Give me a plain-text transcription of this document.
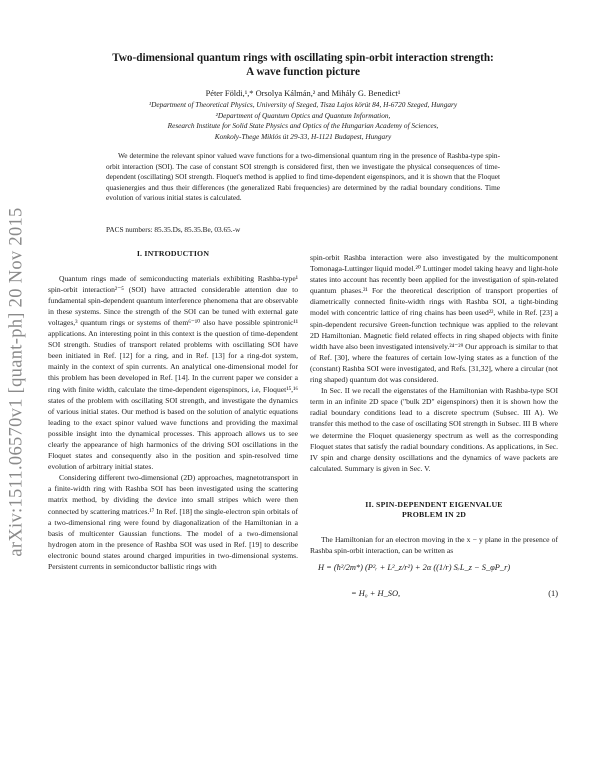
arXiv:1511.06570v1 [quant-ph] 20 Nov 2015
Two-dimensional quantum rings with oscillating spin-orbit interaction strength:
A wave function picture
Péter Földi,¹,* Orsolya Kálmán,² and Mihály G. Benedict¹
¹Department of Theoretical Physics, University of Szeged, Tisza Lajos körút 84, H-6720 Szeged, Hungary
²Department of Quantum Optics and Quantum Information,
Research Institute for Solid State Physics and Optics of the Hungarian Academy of Sciences,
Konkoly-Thege Miklós út 29-33, H-1121 Budapest, Hungary
We determine the relevant spinor valued wave functions for a two-dimensional quantum ring in the presence of Rashba-type spin-orbit interaction (SOI). The case of constant SOI strength is considered first, then we investigate the physical consequences of time-dependent (oscillating) SOI strength. Floquet's method is applied to find time-dependent eigenspinors, and it is shown that the Floquet quasienergies and thus their differences (the generalized Rabi frequencies) are determined by the radial boundary conditions. Time evolution of various initial states is calculated.
PACS numbers: 85.35.Ds, 85.35.Be, 03.65.-w
I. INTRODUCTION

Quantum rings made of semiconducting materials exhibiting Rashba-type¹ spin-orbit interaction²⁻⁵ (SOI) have attracted considerable attention due to fundamental spin-dependent quantum interference phenomena that are observable in these systems. Since the strength of the SOI can be tuned with external gate voltages,³ quantum rings or systems of them⁶⁻¹⁰ also have possible spintronic¹¹ applications. An interesting point in this context is the question of time-dependent SOI strength. Studies of transport related problems with oscillating SOI have been initiated in Ref. [12] for a ring, and in Ref. [13] for a ring-dot system, mainly in the context of spin currents. An analytical one-dimensional model for this problem has been developed in Ref. [14]. In the current paper we consider a ring with finite width, calculate the time-dependent eigenspinors, i.e, Floquet¹⁵,¹⁶ states of the problem with oscillating SOI strength, and investigate the dynamics of various initial states. Our method is based on the solution of analytic equations leading to the exact spinor valued wave functions and providing the maximal possible insight into the dynamical processes. This approach allows us to see clearly the appearance of high harmonics of the driving SOI oscillations in the Floquet states and consequently also in the position and spin-resolved time evolution of arbitrary initial states.

Considering different two-dimensional (2D) approaches, magnetotransport in a finite-width ring with Rashba SOI has been investigated using the scattering matrix method, by dividing the device into small stripes which were then connected by scattering matrices.¹⁷ In Ref. [18] the single-electron spin orbitals of a two-dimensional ring were found by diagonalization of the Hamiltonian in a basis of multicenter Gaussian functions. The model of a two-dimensional hydrogen atom in the presence of Rashba SOI was used in Ref. [19] to describe electronic bound states around charged impurities in two-dimensional systems. Persistent currents in semiconductor ballistic rings with

spin-orbit Rashba interaction were also investigated by the multicomponent Tomonaga-Luttinger liquid model.²⁰ Luttinger model taking heavy and light-hole states into account has recently been applied for the investigation of spin-related quantum phases.²¹ For the theoretical description of transport properties of diametrically connected finite-width rings with Rashba SOI, a tight-binding model with concentric lattice of ring chains has been used²², while in Ref. [23] a spin-dependent recursive Green-function technique was applied to the relevant 2D Hamiltonian. Magnetic field related effects in ring shaped objects with finite width have also been investigated intensively.²⁴⁻²⁹ Our approach is similar to that of Ref. [30], where the features of certain low-lying states as a function of the (constant) Rashba SOI were investigated, and Refs. [31,32], where a circular (not ring shaped) quantum dot was considered.

In Sec. II we recall the eigenstates of the Hamiltonian with Rashba-type SOI term in an infinite 2D space ("bulk 2D" eigenspinors) then it is shown how the radial boundary conditions lead to a discrete spectrum (Subsec. III A). We transfer this method to the case of oscillating SOI strength in Subsec. III B where we determine the Floquet quasienergy spectrum as well as the corresponding Floquet states that satisfy the radial boundary conditions. As applications, in Sec. IV spin and charge density oscillations and the dynamics of wave packets are calculated. Summary is given in Sec. V.

II. SPIN-DEPENDENT EIGENVALUE
PROBLEM IN 2D

The Hamiltonian for an electron moving in the x − y plane in the presence of Rashba spin-orbit interaction, can be written as

H = (ħ²/2m*) (P²ᵣ + L²_z/r²) + 2α ((1/r) SᵣL_z − S_φP_r)
= H₀ + H_SO,	(1)
